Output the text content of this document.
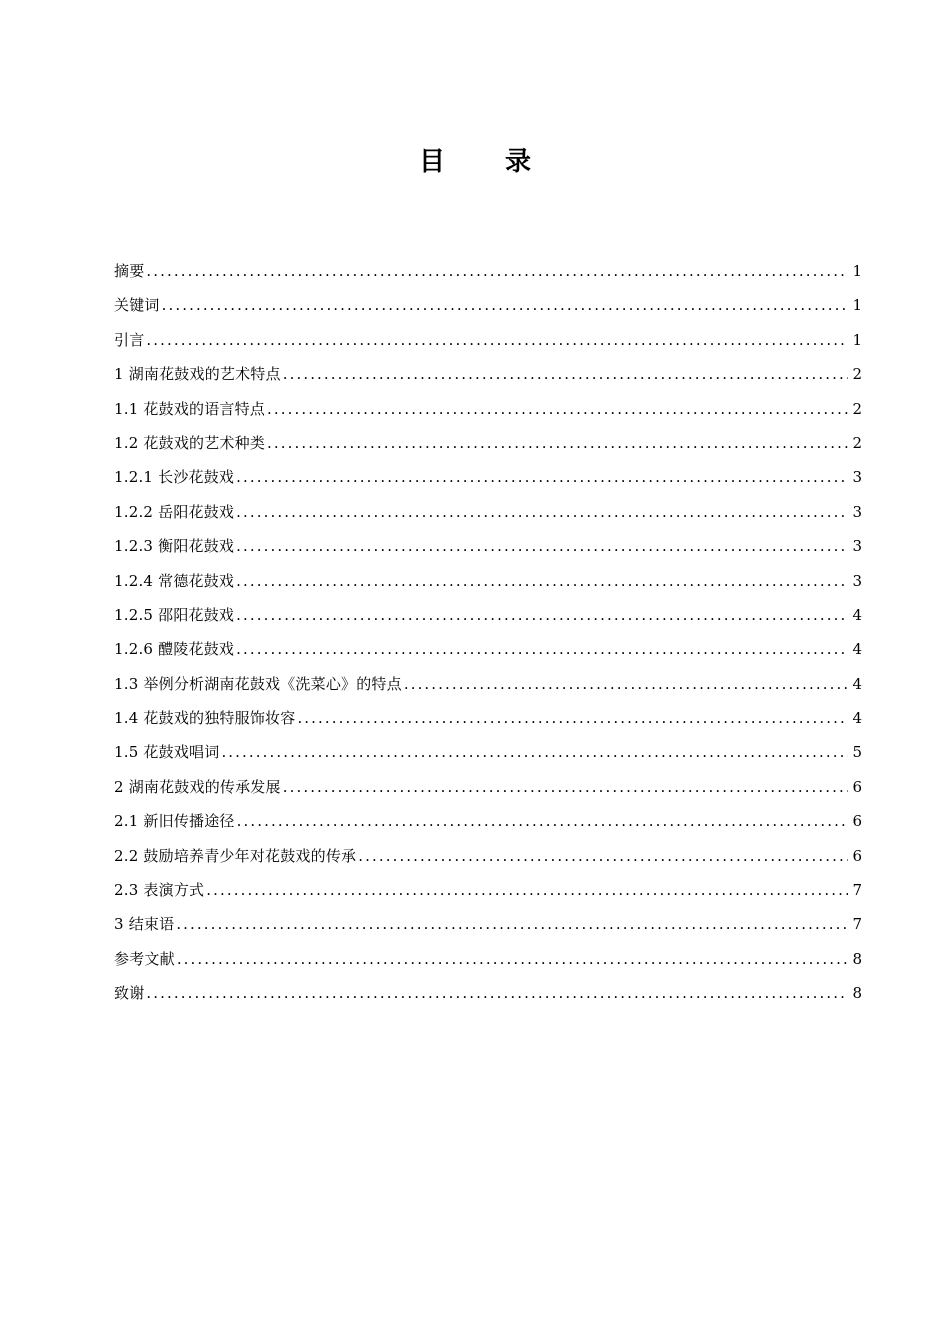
目录
摘要 .....	1
关键词 .....	1
引言 .....	1
1 湖南花鼓戏的艺术特点 .....	2
1.1 花鼓戏的语言特点 .....	2
1.2 花鼓戏的艺术种类 .....	2
1.2.1 长沙花鼓戏 .....	3
1.2.2 岳阳花鼓戏 .....	3
1.2.3 衡阳花鼓戏 .....	3
1.2.4 常德花鼓戏 .....	3
1.2.5 邵阳花鼓戏 .....	4
1.2.6 醴陵花鼓戏 .....	4
1.3 举例分析湖南花鼓戏《洗菜心》的特点 .....	4
1.4 花鼓戏的独特服饰妆容 .....	4
1.5 花鼓戏唱词 .....	5
2 湖南花鼓戏的传承发展 .....	6
2.1 新旧传播途径 .....	6
2.2 鼓励培养青少年对花鼓戏的传承 .....	6
2.3 表演方式 .....	7
3 结束语 .....	7
参考文献 .....	8
致谢 .....	8
